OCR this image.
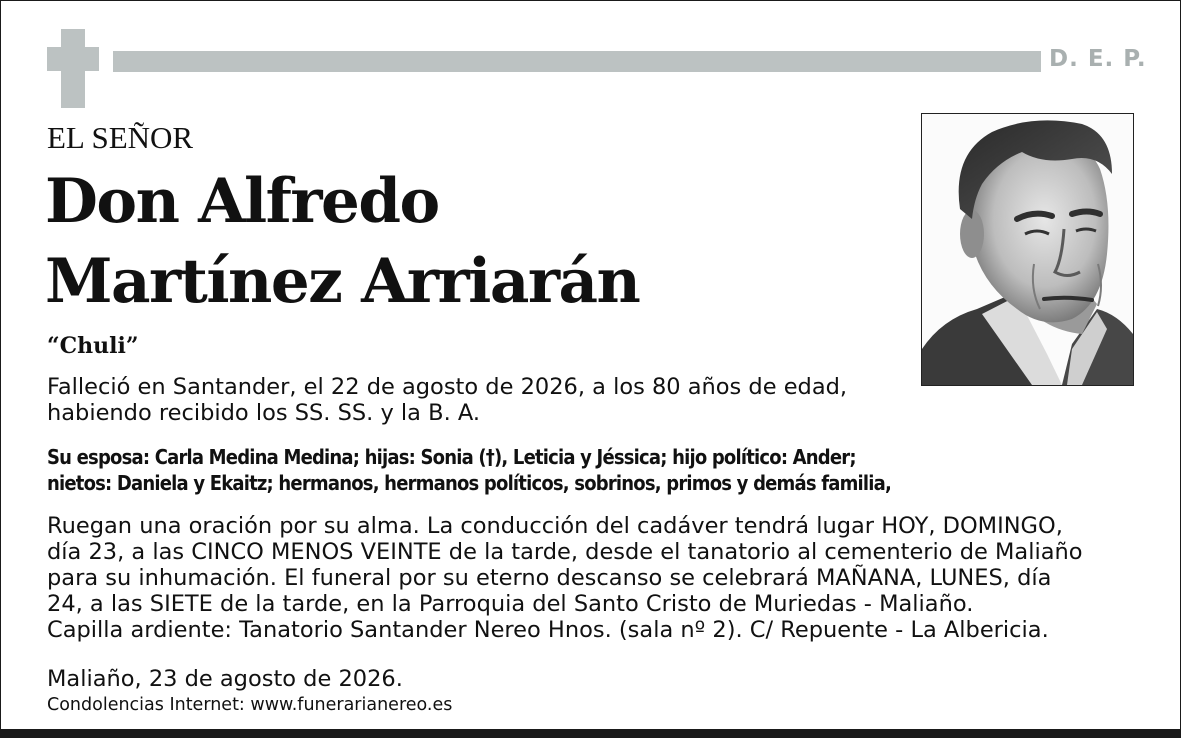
D. E. P.
EL SEÑOR
Don Alfredo
Martínez Arriarán
“Chuli”
Falleció en Santander, el 22 de agosto de 2026, a los 80 años de edad,
habiendo recibido los SS. SS. y la B. A.
Su esposa: Carla Medina Medina; hijas: Sonia (†), Leticia y Jéssica; hijo político: Ander;
nietos: Daniela y Ekaitz; hermanos, hermanos políticos, sobrinos, primos y demás familia,
Ruegan una oración por su alma. La conducción del cadáver tendrá lugar HOY, DOMINGO,
día 23, a las CINCO MENOS VEINTE de la tarde, desde el tanatorio al cementerio de Maliaño
para su inhumación. El funeral por su eterno descanso se celebrará MAÑANA, LUNES, día
24, a las SIETE de la tarde, en la Parroquia del Santo Cristo de Muriedas - Maliaño.
Capilla ardiente: Tanatorio Santander Nereo Hnos. (sala nº 2). C/ Repuente - La Albericia.
Maliaño, 23 de agosto de 2026.
Condolencias Internet: www.funerarianereo.es
